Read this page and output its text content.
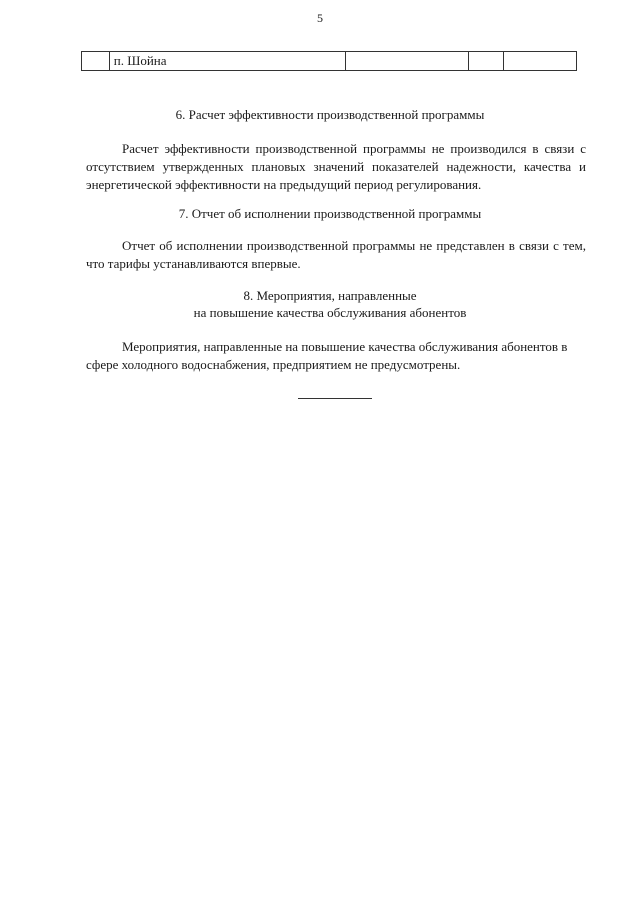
5
	п. Шойна			
6. Расчет эффективности производственной программы
Расчет эффективности производственной программы не производился в связи с отсутствием утвержденных плановых значений показателей надежности, качества и энергетической эффективности на предыдущий период регулирования.
7. Отчет об исполнении производственной программы
Отчет об исполнении производственной программы не представлен в связи с тем, что тарифы устанавливаются впервые.
8. Мероприятия, направленные
на повышение качества обслуживания абонентов
Мероприятия, направленные на повышение качества обслуживания абонентов в сфере холодного водоснабжения, предприятием не предусмотрены.
